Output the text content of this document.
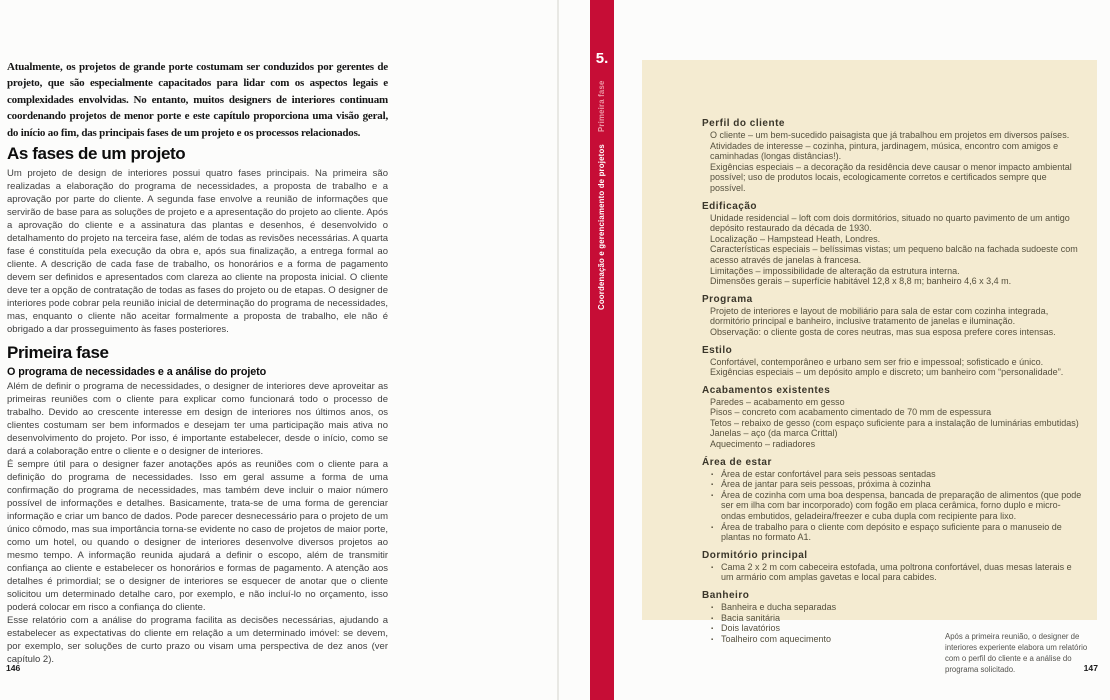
Atualmente, os projetos de grande porte costumam ser conduzidos por gerentes de projeto, que são especialmente capacitados para lidar com os aspectos legais e complexidades envolvidas. No entanto, muitos designers de interiores continuam coordenando projetos de menor porte e este capítulo proporciona uma visão geral, do início ao fim, das principais fases de um projeto e os processos relacionados.

As fases de um projeto

Um projeto de design de interiores possui quatro fases principais. Na primeira são realizadas a elaboração do programa de necessidades, a proposta de trabalho e a aprovação por parte do cliente. A segunda fase envolve a reunião de informações que servirão de base para as soluções de projeto e a apresentação do projeto ao cliente. Após a aprovação do cliente e a assinatura das plantas e desenhos, é desenvolvido o detalhamento do projeto na terceira fase, além de todas as revisões necessárias. A quarta fase é constituída pela execução da obra e, após sua finalização, a entrega formal ao cliente. A descrição de cada fase de trabalho, os honorários e a forma de pagamento devem ser definidos e apresentados com clareza ao cliente na proposta inicial. O cliente deve ter a opção de contratação de todas as fases do projeto ou de etapas. O designer de interiores pode cobrar pela reunião inicial de determinação do programa de necessidades, mas, enquanto o cliente não aceitar formalmente a proposta de trabalho, ele não é obrigado a dar prosseguimento às fases posteriores.

Primeira fase
O programa de necessidades e a análise do projeto

Além de definir o programa de necessidades, o designer de interiores deve aproveitar as primeiras reuniões com o cliente para explicar como funcionará todo o processo de trabalho. Devido ao crescente interesse em design de interiores nos últimos anos, os clientes costumam ser bem informados e desejam ter uma participação mais ativa no desenvolvimento do projeto. Por isso, é importante estabelecer, desde o início, como se dará a colaboração entre o cliente e o designer de interiores.

É sempre útil para o designer fazer anotações após as reuniões com o cliente para a definição do programa de necessidades. Isso em geral assume a forma de uma confirmação do programa de necessidades, mas também deve incluir o maior número possível de informações e detalhes. Basicamente, trata-se de uma forma de gerenciar informação e criar um banco de dados. Pode parecer desnecessário para o projeto de um único cômodo, mas sua importância torna-se evidente no caso de projetos de maior porte, como um hotel, ou quando o designer de interiores desenvolve diversos projetos ao mesmo tempo. A informação reunida ajudará a definir o escopo, além de transmitir confiança ao cliente e estabelecer os honorários e formas de pagamento. A atenção aos detalhes é primordial; se o designer de interiores se esquecer de anotar que o cliente solicitou um determinado detalhe caro, por exemplo, e não incluí-lo no orçamento, isso poderá colocar em risco a confiança do cliente.

Esse relatório com a análise do programa facilita as decisões necessárias, ajudando a estabelecer as expectativas do cliente em relação a um determinado imóvel: se devem, por exemplo, ser soluções de curto prazo ou visam uma perspectiva de dez anos (ver capítulo 2).

146
5.
Coordenação e gerenciamento de projetosPrimeira fase	Perfil do cliente
O cliente – um bem-sucedido paisagista que já trabalhou em projetos em diversos países.
Atividades de interesse – cozinha, pintura, jardinagem, música, encontro com amigos e caminhadas (longas distâncias!).
Exigências especiais – a decoração da residência deve causar o menor impacto ambiental possível; uso de produtos locais, ecologicamente corretos e certificados sempre que possível.
Edificação
Unidade residencial – loft com dois dormitórios, situado no quarto pavimento de um antigo depósito restaurado da década de 1930.
Localização – Hampstead Heath, Londres.
Características especiais – belíssimas vistas; um pequeno balcão na fachada sudoeste com acesso através de janelas à francesa.
Limitações – impossibilidade de alteração da estrutura interna.
Dimensões gerais – superfície habitável 12,8 x 8,8 m; banheiro 4,6 x 3,4 m.
Programa
Projeto de interiores e layout de mobiliário para sala de estar com cozinha integrada, dormitório principal e banheiro, inclusive tratamento de janelas e iluminação.
Observação: o cliente gosta de cores neutras, mas sua esposa prefere cores intensas.
Estilo
Confortável, contemporâneo e urbano sem ser frio e impessoal; sofisticado e único.
Exigências especiais – um depósito amplo e discreto; um banheiro com “personalidade”.
Acabamentos existentes
Paredes – acabamento em gesso
Pisos – concreto com acabamento cimentado de 70 mm de espessura
Tetos – rebaixo de gesso (com espaço suficiente para a instalação de luminárias embutidas)
Janelas – aço (da marca Crittal)
Aquecimento – radiadores
Área de estar
▪ Área de estar confortável para seis pessoas sentadas
▪ Área de jantar para seis pessoas, próxima à cozinha
▪ Área de cozinha com uma boa despensa, bancada de preparação de alimentos (que pode ser em ilha com bar incorporado) com fogão em placa cerâmica, forno duplo e micro-ondas embutidos, geladeira/freezer e cuba dupla com recipiente para lixo.
▪ Área de trabalho para o cliente com depósito e espaço suficiente para o manuseio de plantas no formato A1.
Dormitório principal
▪ Cama 2 x 2 m com cabeceira estofada, uma poltrona confortável, duas mesas laterais e um armário com amplas gavetas e local para cabides.
Banheiro
▪ Banheira e ducha separadas
▪ Bacia sanitária
▪ Dois lavatórios
▪ Toalheiro com aquecimento	Após a primeira reunião, o designer de interiores experiente elabora um relatório com o perfil do cliente e a análise do programa solicitado.	147
